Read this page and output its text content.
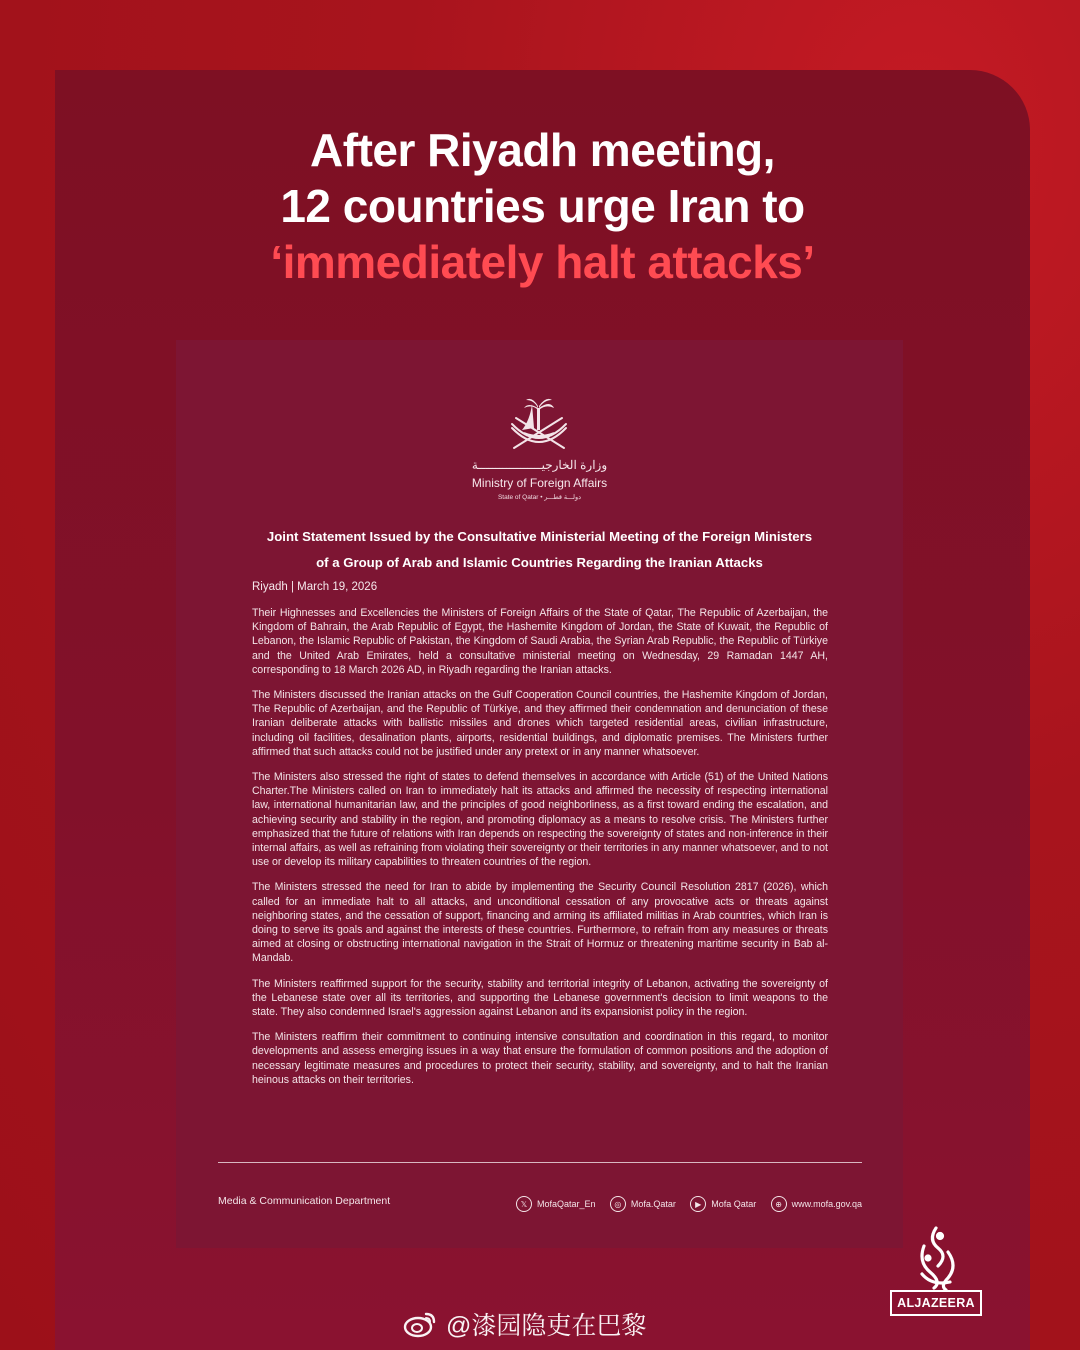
After Riyadh meeting,
12 countries urge Iran to
‘immediately halt attacks’
وزارة الخارجيــــــــــــــــــة
Ministry of Foreign Affairs
State of Qatar • دولـــة قطـــر
Joint Statement Issued by the Consultative Ministerial Meeting of the Foreign Ministers
of a Group of Arab and Islamic Countries Regarding the Iranian Attacks
Riyadh | March 19, 2026

Their Highnesses and Excellencies the Ministers of Foreign Affairs of the State of Qatar, The Republic of Azerbaijan, the Kingdom of Bahrain, the Arab Republic of Egypt, the Hashemite Kingdom of Jordan, the State of Kuwait, the Republic of Lebanon, the Islamic Republic of Pakistan, the Kingdom of Saudi Arabia, the Syrian Arab Republic, the Republic of Türkiye and the United Arab Emirates, held a consultative ministerial meeting on Wednesday, 29 Ramadan 1447 AH, corresponding to 18 March 2026 AD, in Riyadh regarding the Iranian attacks.

The Ministers discussed the Iranian attacks on the Gulf Cooperation Council countries, the Hashemite Kingdom of Jordan, The Republic of Azerbaijan, and the Republic of Türkiye, and they affirmed their condemnation and denunciation of these Iranian deliberate attacks with ballistic missiles and drones which targeted residential areas, civilian infrastructure, including oil facilities, desalination plants, airports, residential buildings, and diplomatic premises. The Ministers further affirmed that such attacks could not be justified under any pretext or in any manner whatsoever.

The Ministers also stressed the right of states to defend themselves in accordance with Article (51) of the United Nations Charter.The Ministers called on Iran to immediately halt its attacks and affirmed the necessity of respecting international law, international humanitarian law, and the principles of good neighborliness, as a first toward ending the escalation, and achieving security and stability in the region, and promoting diplomacy as a means to resolve crisis. The Ministers further emphasized that the future of relations with Iran depends on respecting the sovereignty of states and non-inference in their internal affairs, as well as refraining from violating their sovereignty or their territories in any manner whatsoever, and to not use or develop its military capabilities to threaten countries of the region.

The Ministers stressed the need for Iran to abide by implementing the Security Council Resolution 2817 (2026), which called for an immediate halt to all attacks, and unconditional cessation of any provocative acts or threats against neighboring states, and the cessation of support, financing and arming its affiliated militias in Arab countries, which Iran is doing to serve its goals and against the interests of these countries. Furthermore, to refrain from any measures or threats aimed at closing or obstructing international navigation in the Strait of Hormuz or threatening maritime security in Bab al-Mandab.

The Ministers reaffirmed support for the security, stability and territorial integrity of Lebanon, activating the sovereignty of the Lebanese state over all its territories, and supporting the Lebanese government's decision to limit weapons to the state. They also condemned Israel's aggression against Lebanon and its expansionist policy in the region.

The Ministers reaffirm their commitment to continuing intensive consultation and coordination in this regard, to monitor developments and assess emerging issues in a way that ensure the formulation of common positions and the adoption of necessary legitimate measures and procedures to protect their security, stability, and sovereignty, and to halt the Iranian heinous attacks on their territories.

Media & Communication Department	𝕏	MofaQatar_En	◎	Mofa.Qatar	▶	Mofa Qatar	⊕	www.mofa.gov.qa
ALJAZEERA
@漆园隐吏在巴黎
